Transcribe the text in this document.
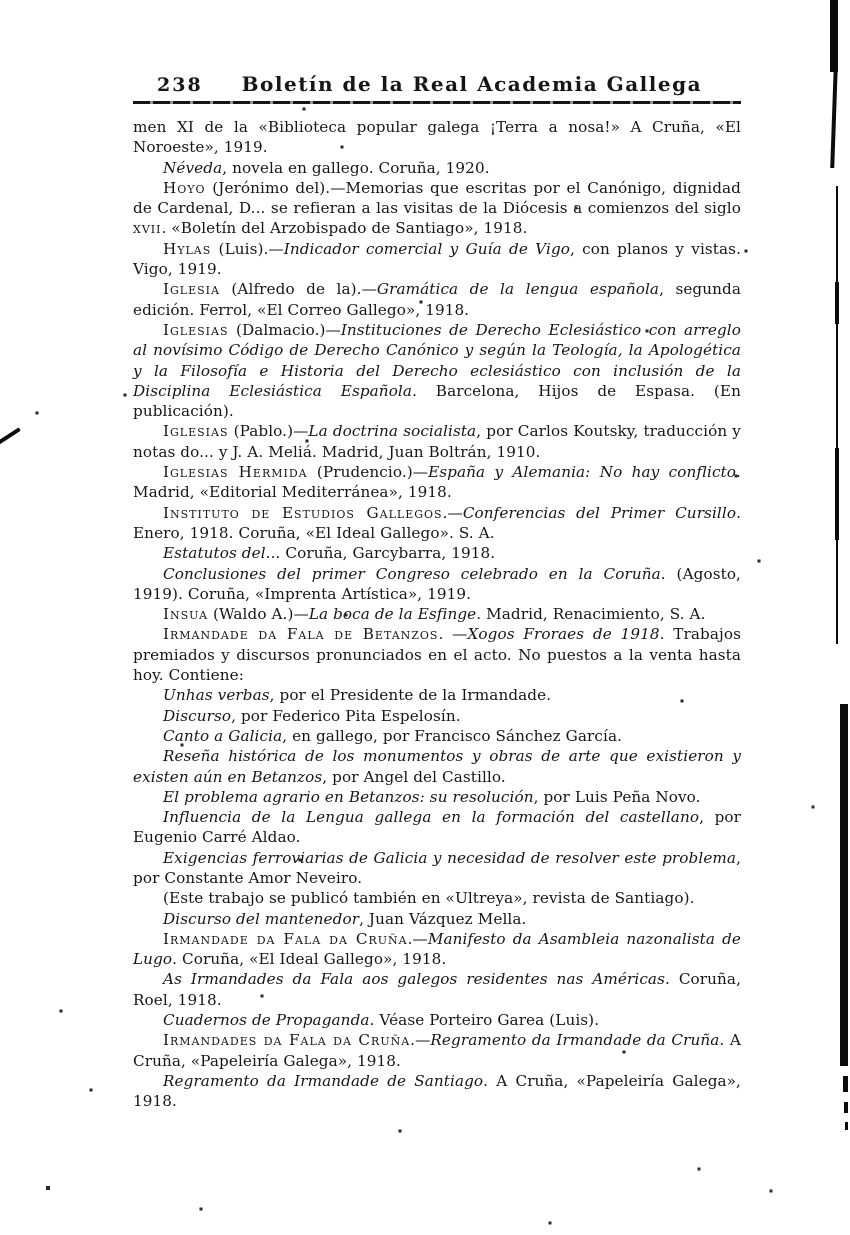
238	Boletín de la Real Academia Gallega

men XI de la «Biblioteca popular galega ¡Terra a nosa!» A Cruña, «El Noroeste», 1919.

Néveda, novela en gallego. Coruña, 1920.

Hoyo (Jerónimo del).—Memorias que escritas por el Canónigo, dignidad de Cardenal, D... se refieran a las visitas de la Diócesis a comienzos del siglo xvii. «Boletín del Arzobispado de Santiago», 1918.

Hylas (Luis).—Indicador comercial y Guía de Vigo, con planos y vistas. Vigo, 1919.

Iglesia (Alfredo de la).—Gramática de la lengua española, segunda edición. Ferrol, «El Correo Gallego», 1918.

Iglesias (Dalmacio.)—Instituciones de Derecho Eclesiástico con arreglo al novísimo Código de Derecho Canónico y según la Teología, la Apologética y la Filosofía e Historia del Derecho eclesiástico con inclusión de la Disciplina Eclesiástica Española. Barcelona, Hijos de Espasa. (En publicación).

Iglesias (Pablo.)—La doctrina socialista, por Carlos Koutsky, traducción y notas do... y J. A. Meliá. Madrid, Juan Boltrán, 1910.

Iglesias Hermida (Prudencio.)—España y Alemania: No hay conflicto. Madrid, «Editorial Mediterránea», 1918.

Instituto de Estudios Gallegos.—Conferencias del Primer Cursillo. Enero, 1918. Coruña, «El Ideal Gallego». S. A.

Estatutos del... Coruña, Garcybarra, 1918.

Conclusiones del primer Congreso celebrado en la Coruña. (Agosto, 1919). Coruña, «Imprenta Artística», 1919.

Insua (Waldo A.)—La boca de la Esfinge. Madrid, Renacimiento, S. A.

Irmandade da Fala de Betanzos. —Xogos Froraes de 1918. Trabajos premiados y discursos pronunciados en el acto. No puestos a la venta hasta hoy. Contiene:

Unhas verbas, por el Presidente de la Irmandade.

Discurso, por Federico Pita Espelosín.

Canto a Galicia, en gallego, por Francisco Sánchez García.

Reseña histórica de los monumentos y obras de arte que existieron y existen aún en Betanzos, por Angel del Castillo.

El problema agrario en Betanzos: su resolución, por Luis Peña Novo.

Influencia de la Lengua gallega en la formación del castellano, por Eugenio Carré Aldao.

Exigencias ferroviarias de Galicia y necesidad de resolver este problema, por Constante Amor Neveiro.

(Este trabajo se publicó también en «Ultreya», revista de Santiago).

Discurso del mantenedor, Juan Vázquez Mella.

Irmandade da Fala da Cruña.—Manifesto da Asambleia nazonalista de Lugo. Coruña, «El Ideal Gallego», 1918.

As Irmandades da Fala aos galegos residentes nas Américas. Coruña, Roel, 1918.

Cuadernos de Propaganda. Véase Porteiro Garea (Luis).

Irmandades da Fala da Cruña.—Regramento da Irmandade da Cruña. A Cruña, «Papeleiría Galega», 1918.

Regramento da Irmandade de Santiago. A Cruña, «Papeleiría Galega», 1918.
